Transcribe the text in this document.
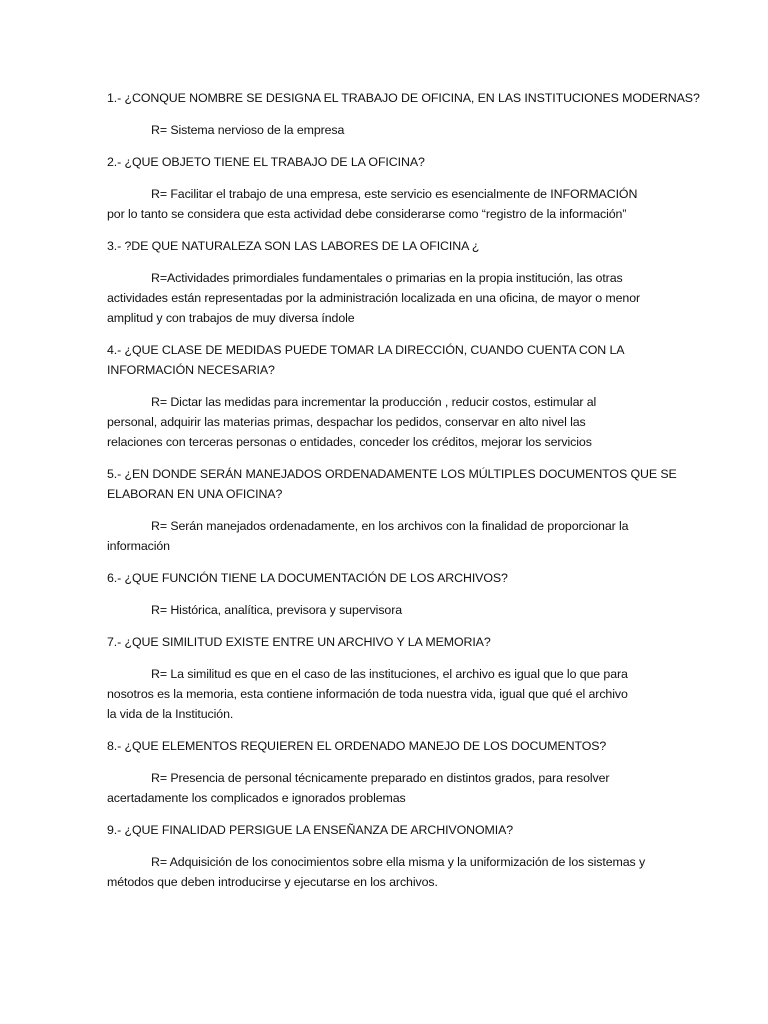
1.- ¿CONQUE NOMBRE SE DESIGNA EL TRABAJO DE OFICINA, EN LAS INSTITUCIONES MODERNAS?
R= Sistema nervioso de la empresa
2.- ¿QUE OBJETO TIENE EL TRABAJO DE LA OFICINA?
R= Facilitar el trabajo de una empresa, este servicio es esencialmente de INFORMACIÓN
por lo tanto se considera que esta actividad debe considerarse como “registro de la información”
3.- ?DE QUE NATURALEZA SON LAS LABORES DE LA OFICINA ¿
R=Actividades primordiales fundamentales o primarias en la propia institución, las otras
actividades están representadas por la administración localizada en una oficina, de mayor o menor
amplitud y con trabajos de muy diversa índole
4.- ¿QUE CLASE DE MEDIDAS PUEDE TOMAR LA DIRECCIÓN, CUANDO CUENTA CON LA
INFORMACIÓN NECESARIA?
R= Dictar las medidas para incrementar la producción , reducir costos, estimular al
personal, adquirir las materias primas, despachar los pedidos, conservar en alto nivel las
relaciones con terceras personas o entidades, conceder los créditos, mejorar los servicios
5.- ¿EN DONDE SERÁN MANEJADOS ORDENADAMENTE LOS MÚLTIPLES DOCUMENTOS QUE SE
ELABORAN EN UNA OFICINA?
R= Serán manejados ordenadamente, en los archivos con la finalidad de proporcionar la
información
6.- ¿QUE FUNCIÓN TIENE LA DOCUMENTACIÓN DE LOS ARCHIVOS?
R= Histórica, analítica, previsora y supervisora
7.- ¿QUE SIMILITUD EXISTE ENTRE UN ARCHIVO Y LA MEMORIA?
R= La similitud es que en el caso de las instituciones, el archivo es igual que lo que para
nosotros es la memoria, esta contiene información de toda nuestra vida, igual que qué el archivo
la vida de la Institución.
8.- ¿QUE ELEMENTOS REQUIEREN EL ORDENADO MANEJO DE LOS DOCUMENTOS?
R= Presencia de personal técnicamente preparado en distintos grados, para resolver
acertadamente los complicados e ignorados problemas
9.- ¿QUE FINALIDAD PERSIGUE LA ENSEÑANZA DE ARCHIVONOMIA?
R= Adquisición de los conocimientos sobre ella misma y la uniformización de los sistemas y
métodos que deben introducirse y ejecutarse en los archivos.
